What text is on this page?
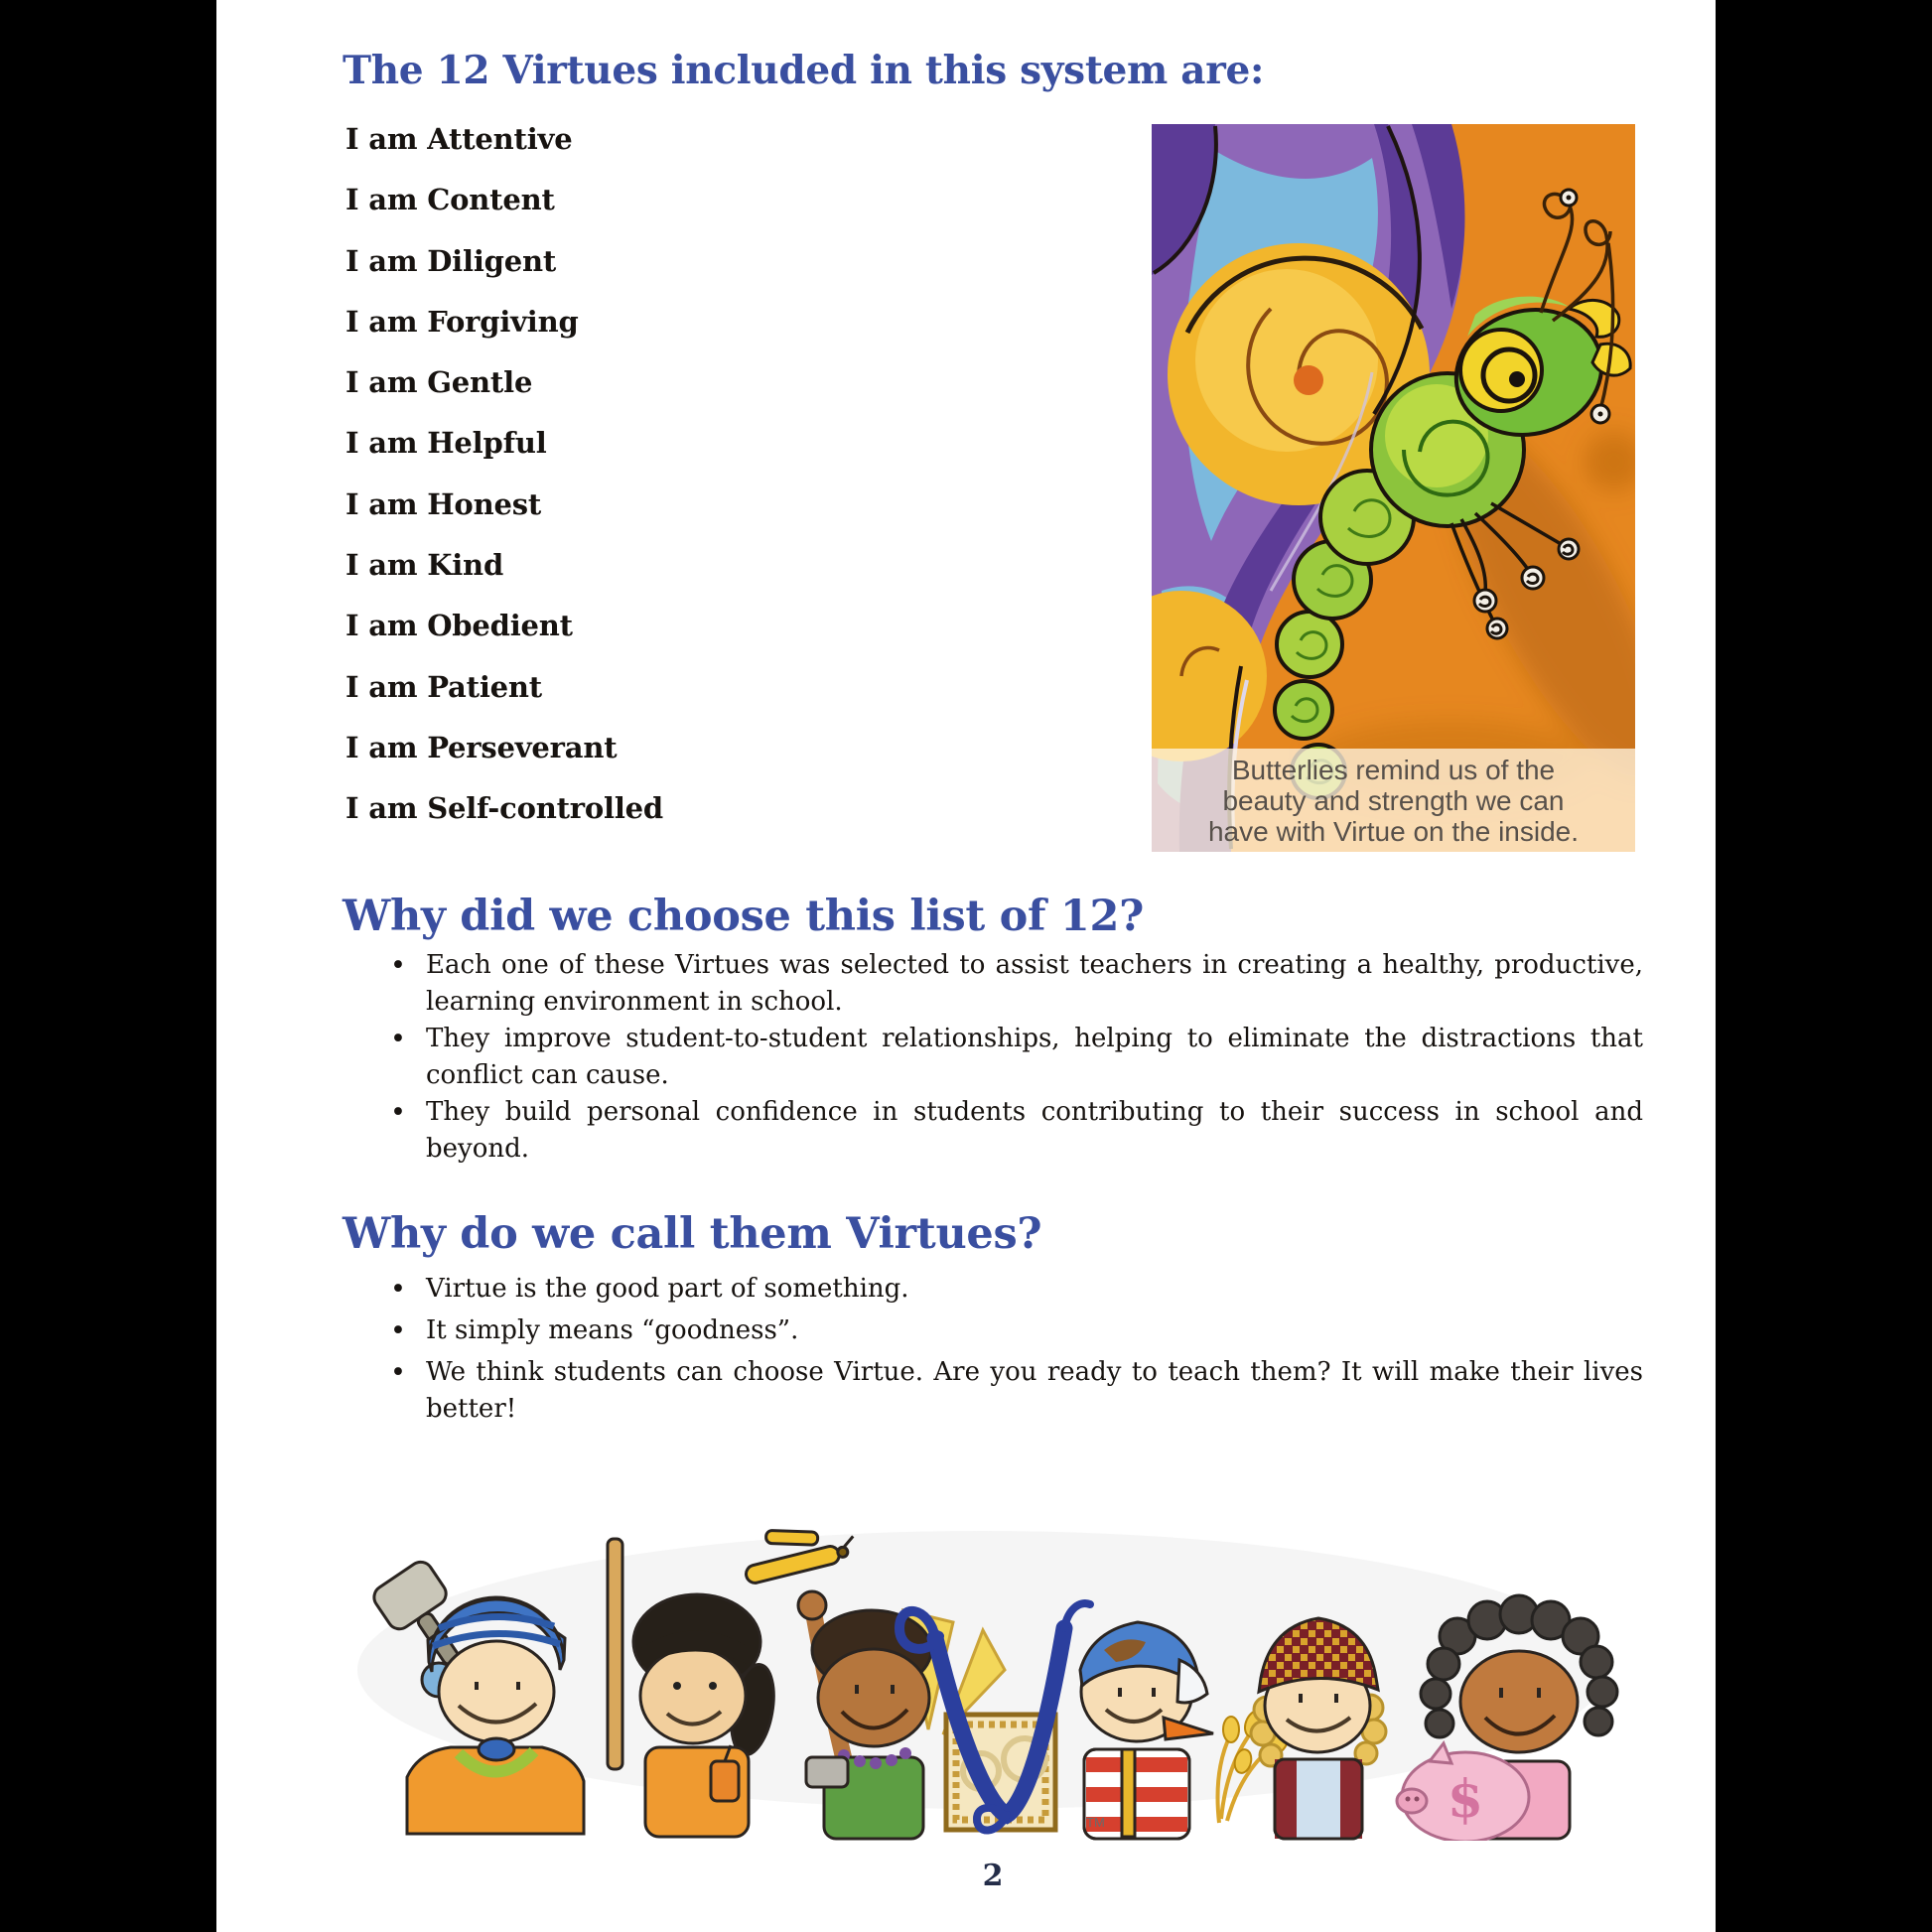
The 12 Virtues included in this system are:
I am Attentive
I am Content
I am Diligent
I am Forgiving
I am Gentle
I am Helpful
I am Honest
I am Kind
I am Obedient
I am Patient
I am Perseverant
I am Self-controlled
Butterlies remind us of the
beauty and strength we can
have with Virtue on the inside.
Why did we choose this list of 12?
• Each one of these Virtues was selected to assist teachers in creating a healthy, productive, learning environment in school.
• They improve student-to-student relationships, helping to eliminate the distractions that conflict can cause.
• They build personal confidence in students contributing to their success in school and beyond.
Why do we call them Virtues?
• Virtue is the good part of something.
• It simply means “goodness”.
• We think students can choose Virtue. Are you ready to teach them? It will make their lives better!
TM	$
2
